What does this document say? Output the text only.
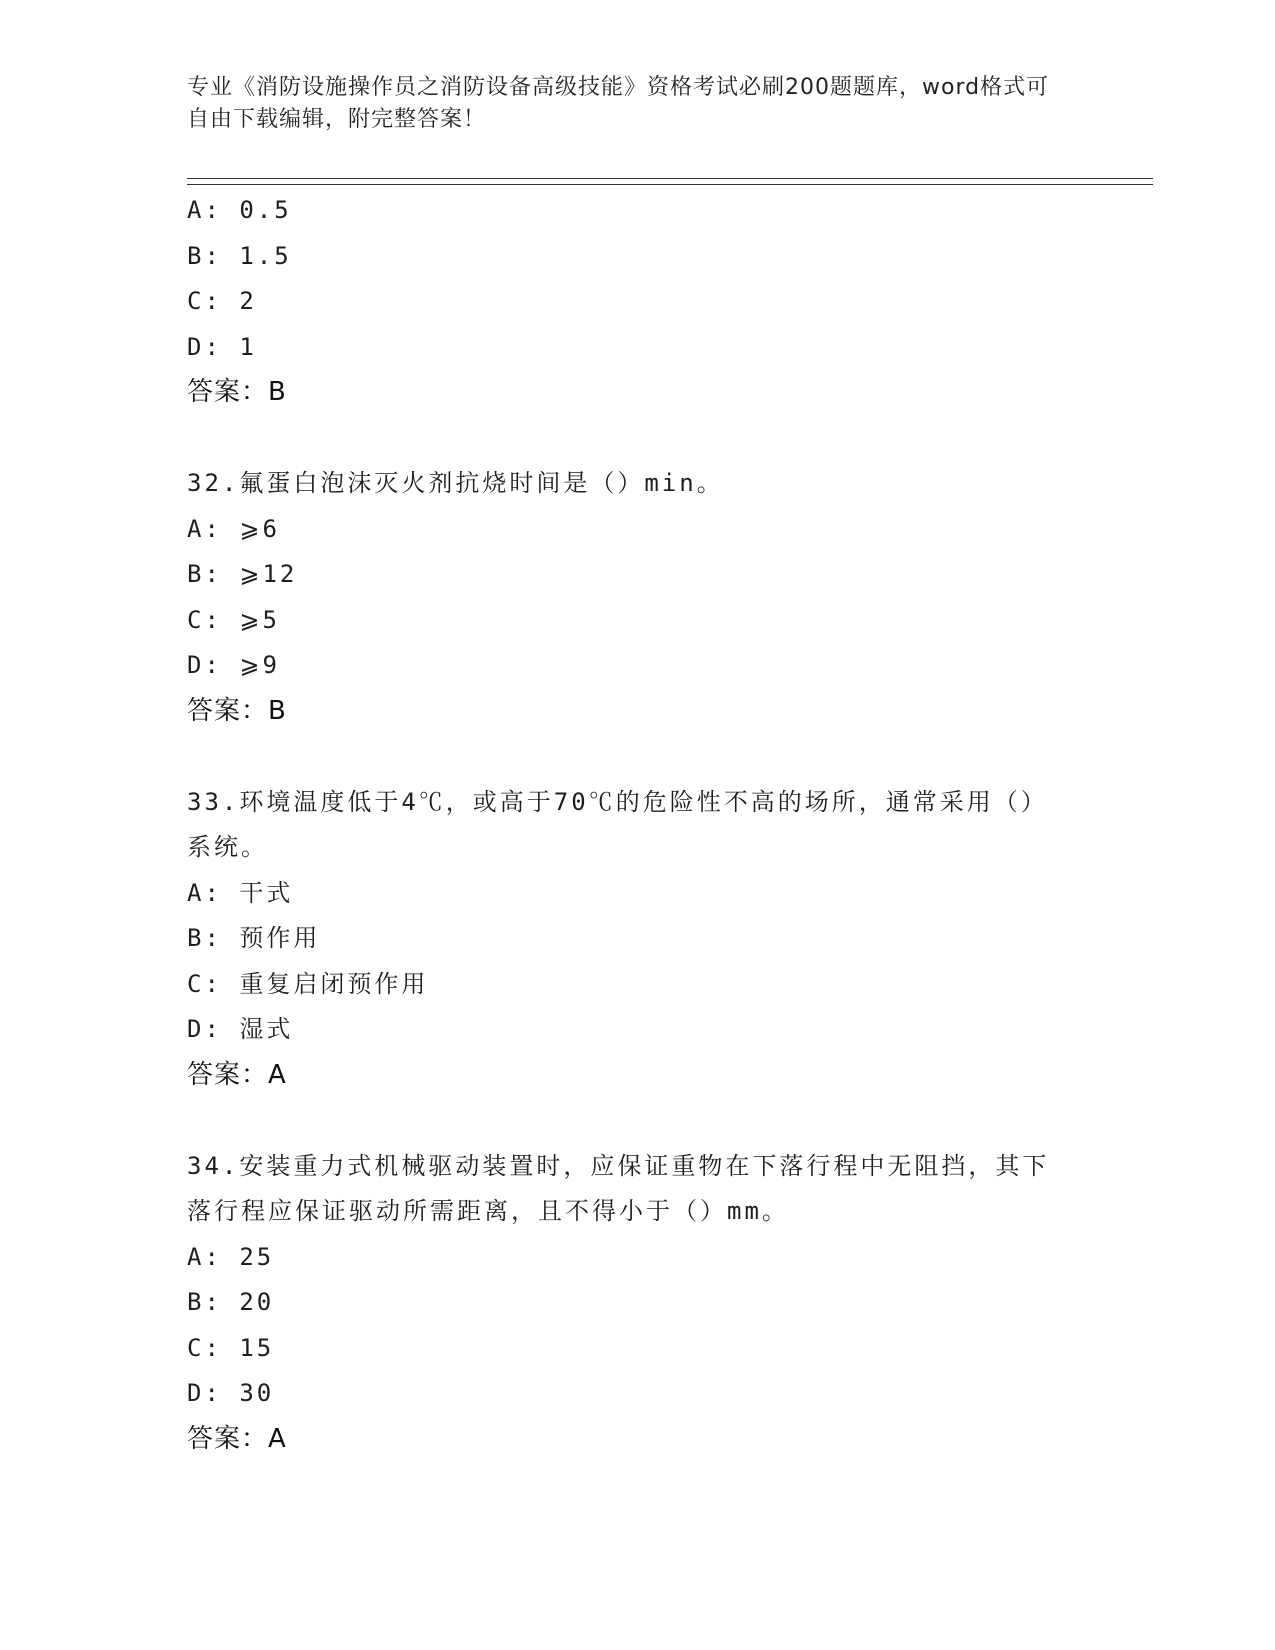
专业《消防设施操作员之消防设备高级技能》资格考试必刷200题题库，word格式可自由下载编辑，附完整答案！
A: 0.5
B: 1.5
C: 2
D: 1
答案：B
32.氟蛋白泡沫灭火剂抗烧时间是（）min。
A: ⩾6
B: ⩾12
C: ⩾5
D: ⩾9
答案：B
33.环境温度低于4℃，或高于70℃的危险性不高的场所，通常采用（）系统。
A: 干式
B: 预作用
C: 重复启闭预作用
D: 湿式
答案：A
34.安装重力式机械驱动装置时，应保证重物在下落行程中无阻挡，其下落行程应保证驱动所需距离，且不得小于（）mm。
A: 25
B: 20
C: 15
D: 30
答案：A
